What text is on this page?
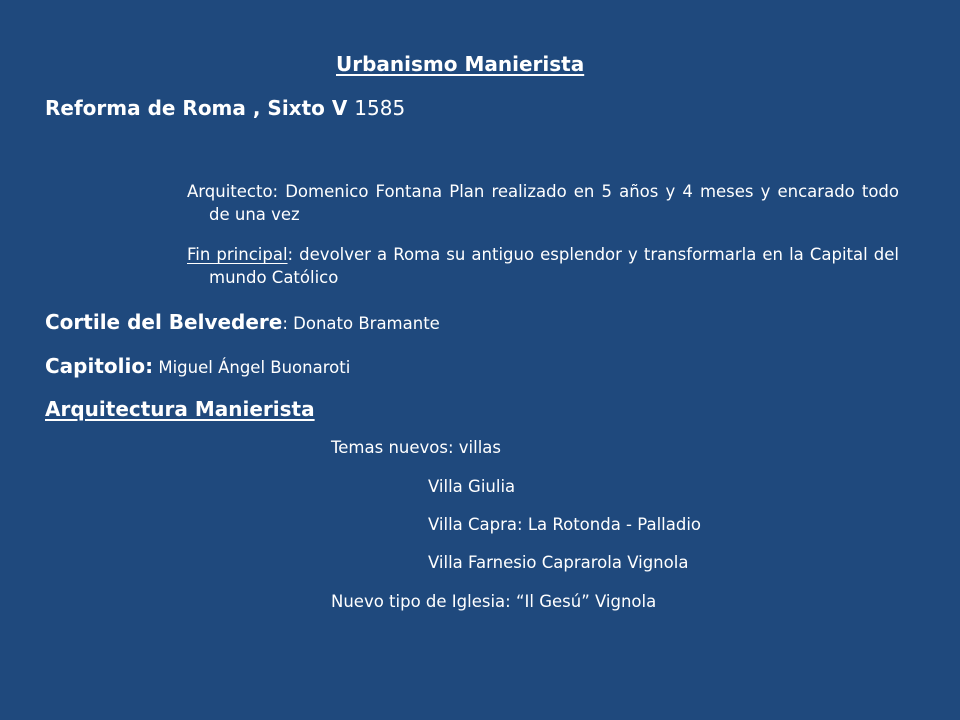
Urbanismo Manierista
Reforma de Roma , Sixto V 1585
Arquitecto: Domenico Fontana Plan realizado en 5 años y 4 meses y encarado todo de una vez
Fin principal: devolver a Roma su antiguo esplendor y transformarla en la Capital del mundo Católico
Cortile del Belvedere: Donato Bramante
Capitolio: Miguel Ángel Buonaroti
Arquitectura Manierista
Temas nuevos: villas
Villa Giulia
Villa Capra: La Rotonda - Palladio
Villa Farnesio Caprarola Vignola
Nuevo tipo de Iglesia: “Il Gesú” Vignola
